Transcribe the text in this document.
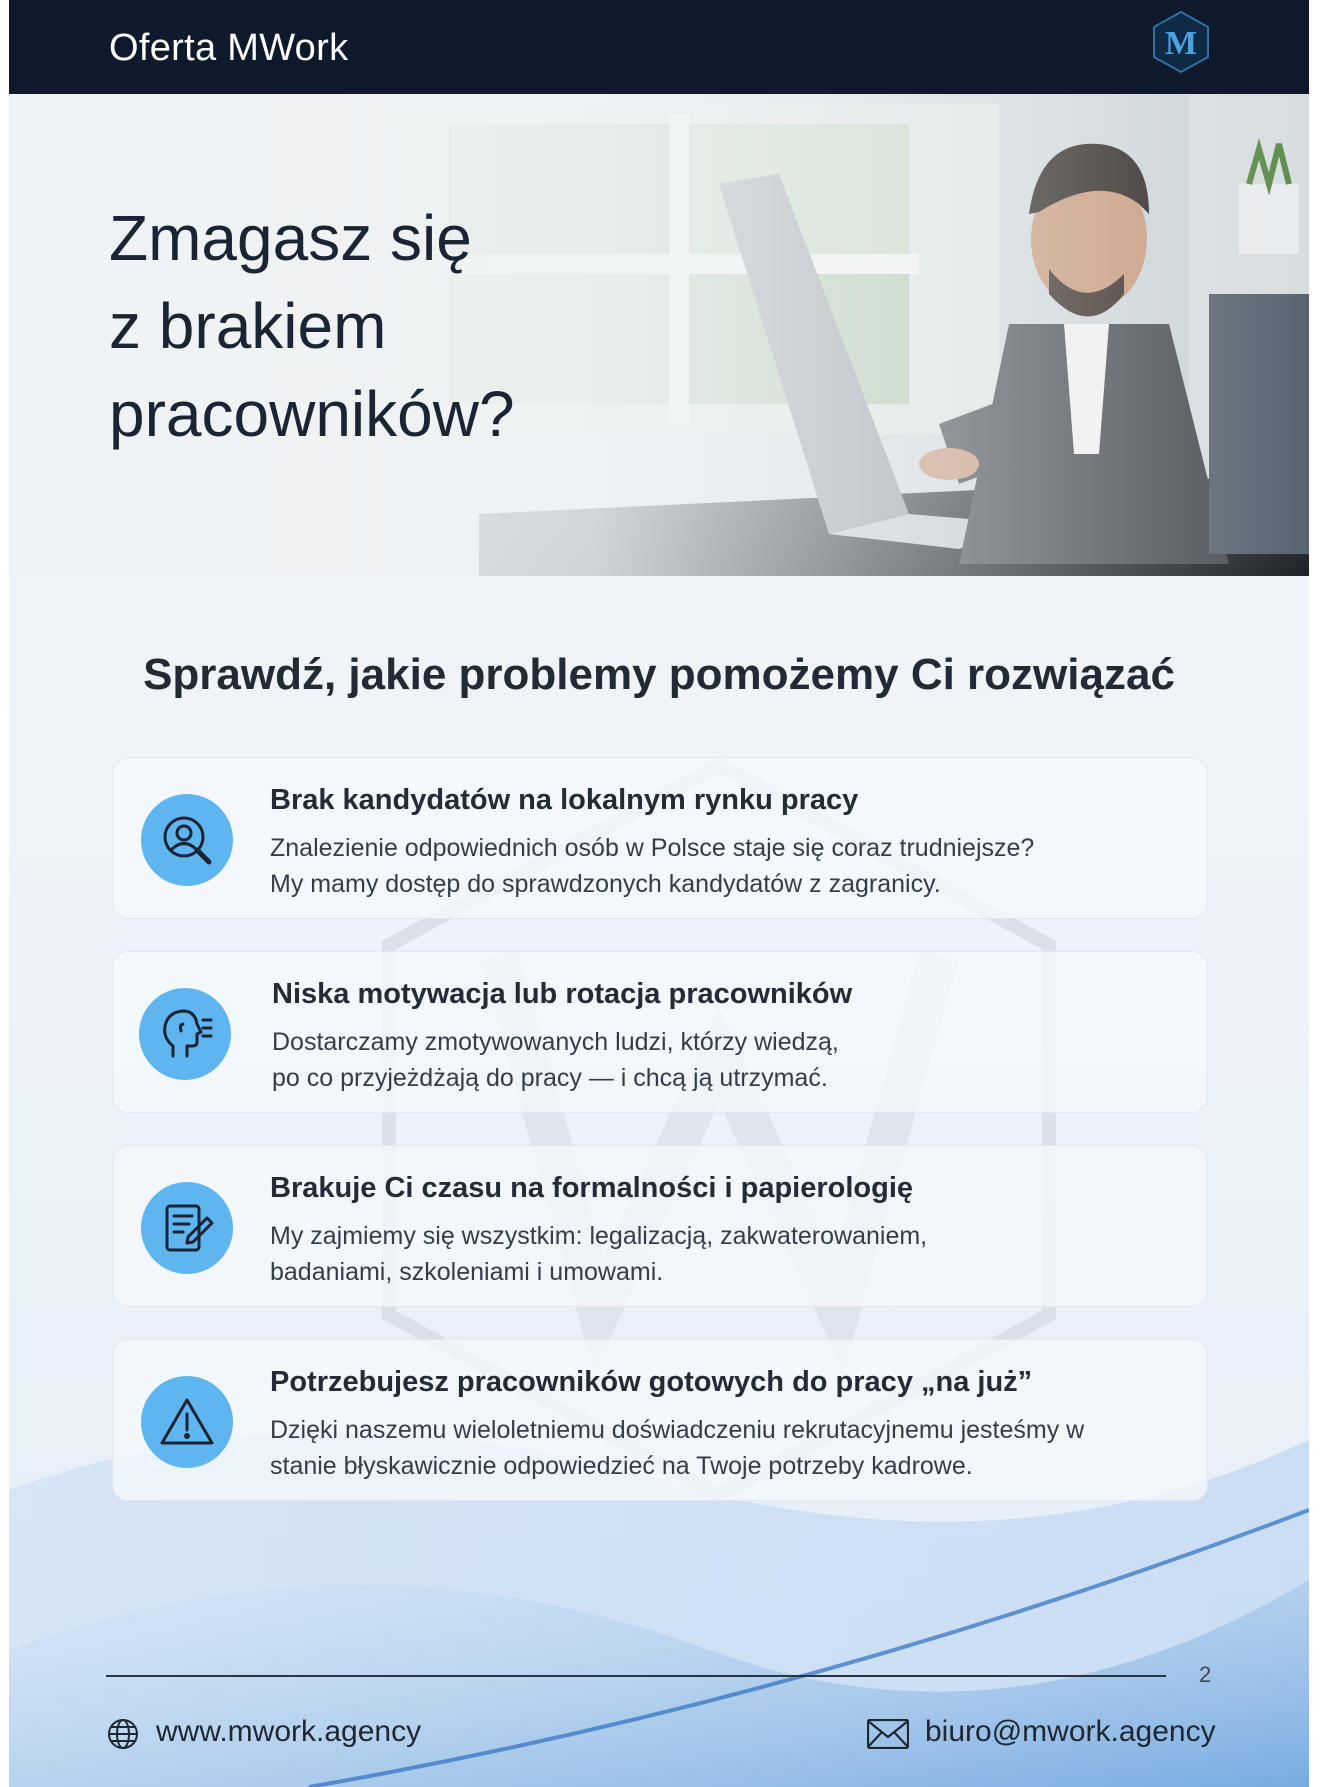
Oferta MWork	M
Zmagasz się
z brakiem
pracowników?
Sprawdź, jakie problemy pomożemy Ci rozwiązać
Brak kandydatów na lokalnym rynku pracy
Znalezienie odpowiednich osób w Polsce staje się coraz trudniejsze?
My mamy dostęp do sprawdzonych kandydatów z zagranicy.
Niska motywacja lub rotacja pracowników
Dostarczamy zmotywowanych ludzi, którzy wiedzą,
po co przyjeżdżają do pracy — i chcą ją utrzymać.
Brakuje Ci czasu na formalności i papierologię
My zajmiemy się wszystkim: legalizacją, zakwaterowaniem,
badaniami, szkoleniami i umowami.
Potrzebujesz pracowników gotowych do pracy „na już”
Dzięki naszemu wieloletniemu doświadczeniu rekrutacyjnemu jesteśmy w
stanie błyskawicznie odpowiedzieć na Twoje potrzeby kadrowe.
2
www.mwork.agency	biuro@mwork.agency
